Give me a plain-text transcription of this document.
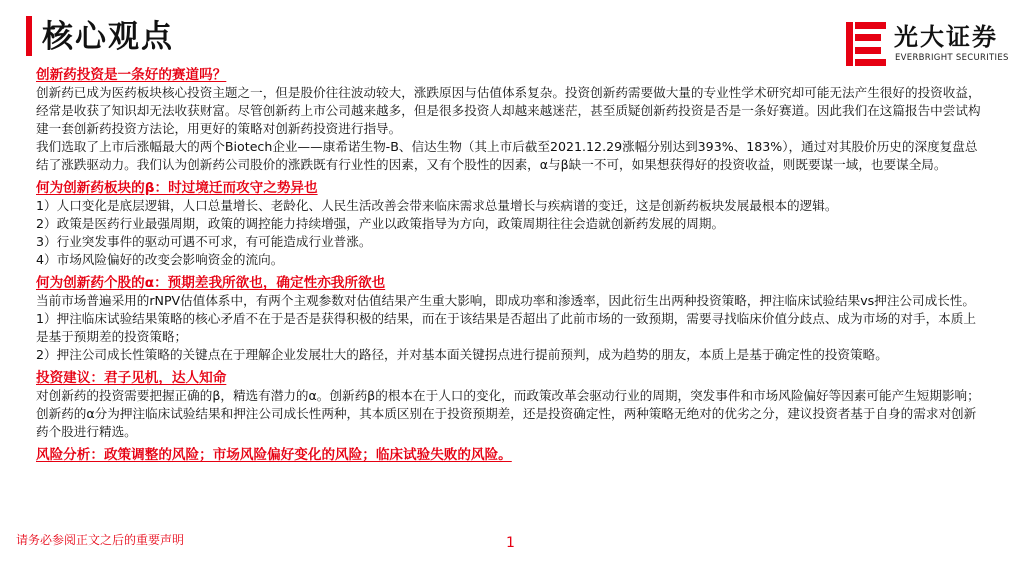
核心观点	光大证券
EVERBRIGHT SECURITIES

创新药投资是一条好的赛道吗？

创新药已成为医药板块核心投资主题之一，但是股价往往波动较大，涨跌原因与估值体系复杂。投资创新药需要做大量的专业性学术研究却可能无法产生很好的投资收益，经常是收获了知识却无法收获财富。尽管创新药上市公司越来越多，但是很多投资人却越来越迷茫，甚至质疑创新药投资是否是一条好赛道。因此我们在这篇报告中尝试构建一套创新药投资方法论，用更好的策略对创新药投资进行指导。

我们选取了上市后涨幅最大的两个Biotech企业——康希诺生物-B、信达生物（其上市后截至2021.12.29涨幅分别达到393%、183%），通过对其股价历史的深度复盘总结了涨跌驱动力。我们认为创新药公司股价的涨跌既有行业性的因素，又有个股性的因素，α与β缺一不可，如果想获得好的投资收益，则既要谋一域，也要谋全局。

何为创新药板块的β：时过境迁而攻守之势异也

1）人口变化是底层逻辑，人口总量增长、老龄化、人民生活改善会带来临床需求总量增长与疾病谱的变迁，这是创新药板块发展最根本的逻辑。

2）政策是医药行业最强周期，政策的调控能力持续增强，产业以政策指导为方向，政策周期往往会造就创新药发展的周期。

3）行业突发事件的驱动可遇不可求，有可能造成行业普涨。

4）市场风险偏好的改变会影响资金的流向。

何为创新药个股的α：预期差我所欲也，确定性亦我所欲也

当前市场普遍采用的rNPV估值体系中，有两个主观参数对估值结果产生重大影响，即成功率和渗透率，因此衍生出两种投资策略，押注临床试验结果vs押注公司成长性。

1）押注临床试验结果策略的核心矛盾不在于是否是获得积极的结果，而在于该结果是否超出了此前市场的一致预期，需要寻找临床价值分歧点、成为市场的对手，本质上是基于预期差的投资策略；

2）押注公司成长性策略的关键点在于理解企业发展壮大的路径，并对基本面关键拐点进行提前预判，成为趋势的朋友，本质上是基于确定性的投资策略。

投资建议：君子见机，达人知命

对创新药的投资需要把握正确的β，精选有潜力的α。创新药β的根本在于人口的变化，而政策改革会驱动行业的周期，突发事件和市场风险偏好等因素可能产生短期影响；创新药的α分为押注临床试验结果和押注公司成长性两种，其本质区别在于投资预期差，还是投资确定性，两种策略无绝对的优劣之分，建议投资者基于自身的需求对创新药个股进行精选。

风险分析：政策调整的风险；市场风险偏好变化的风险；临床试验失败的风险。

请务必参阅正文之后的重要声明	1
